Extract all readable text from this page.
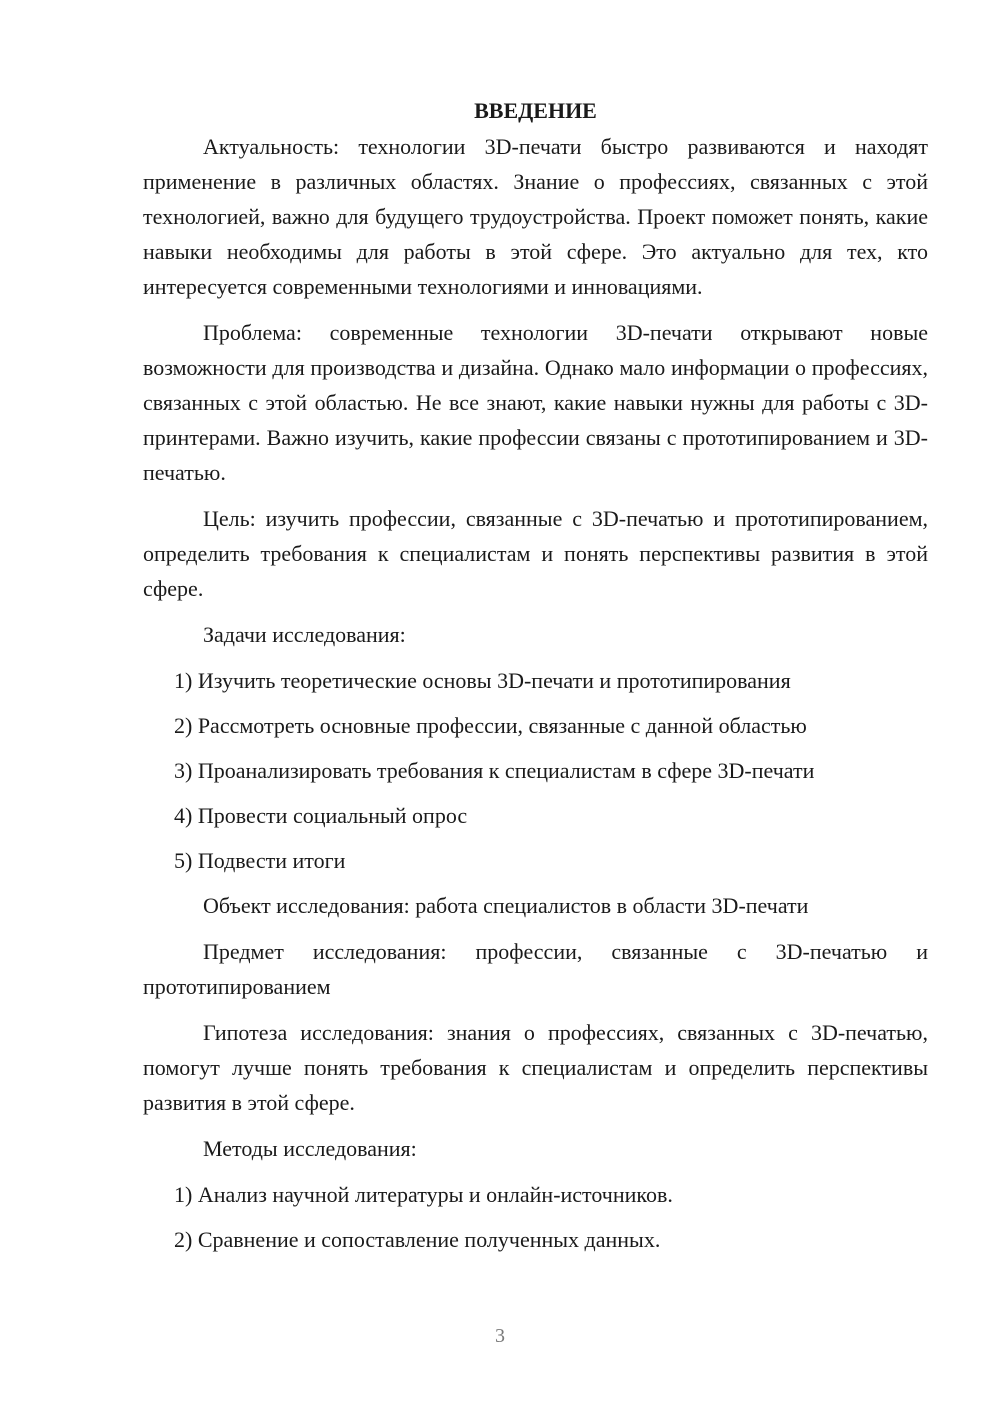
ВВЕДЕНИЕ

Актуальность: технологии 3D-печати быстро развиваются и находят применение в различных областях. Знание о профессиях, связанных с этой технологией, важно для будущего трудоустройства. Проект поможет понять, какие навыки необходимы для работы в этой сфере. Это актуально для тех, кто интересуется современными технологиями и инновациями.

Проблема: современные технологии 3D-печати открывают новые возможности для производства и дизайна. Однако мало информации о профессиях, связанных с этой областью. Не все знают, какие навыки нужны для работы с 3D-принтерами. Важно изучить, какие профессии связаны с прототипированием и 3D-печатью.

Цель: изучить профессии, связанные с 3D-печатью и прототипированием, определить требования к специалистам и понять перспективы развития в этой сфере.

Задачи исследования:

1) Изучить теоретические основы 3D-печати и прототипирования
2) Рассмотреть основные профессии, связанные с данной областью
3) Проанализировать требования к специалистам в сфере 3D-печати
4) Провести социальный опрос
5) Подвести итоги

Объект исследования: работа специалистов в области 3D-печати

Предмет исследования: профессии, связанные с 3D-печатью и прототипированием

Гипотеза исследования: знания о профессиях, связанных с 3D-печатью, помогут лучше понять требования к специалистам и определить перспективы развития в этой сфере.

Методы исследования:

1) Анализ научной литературы и онлайн-источников.
2) Сравнение и сопоставление полученных данных.
3
